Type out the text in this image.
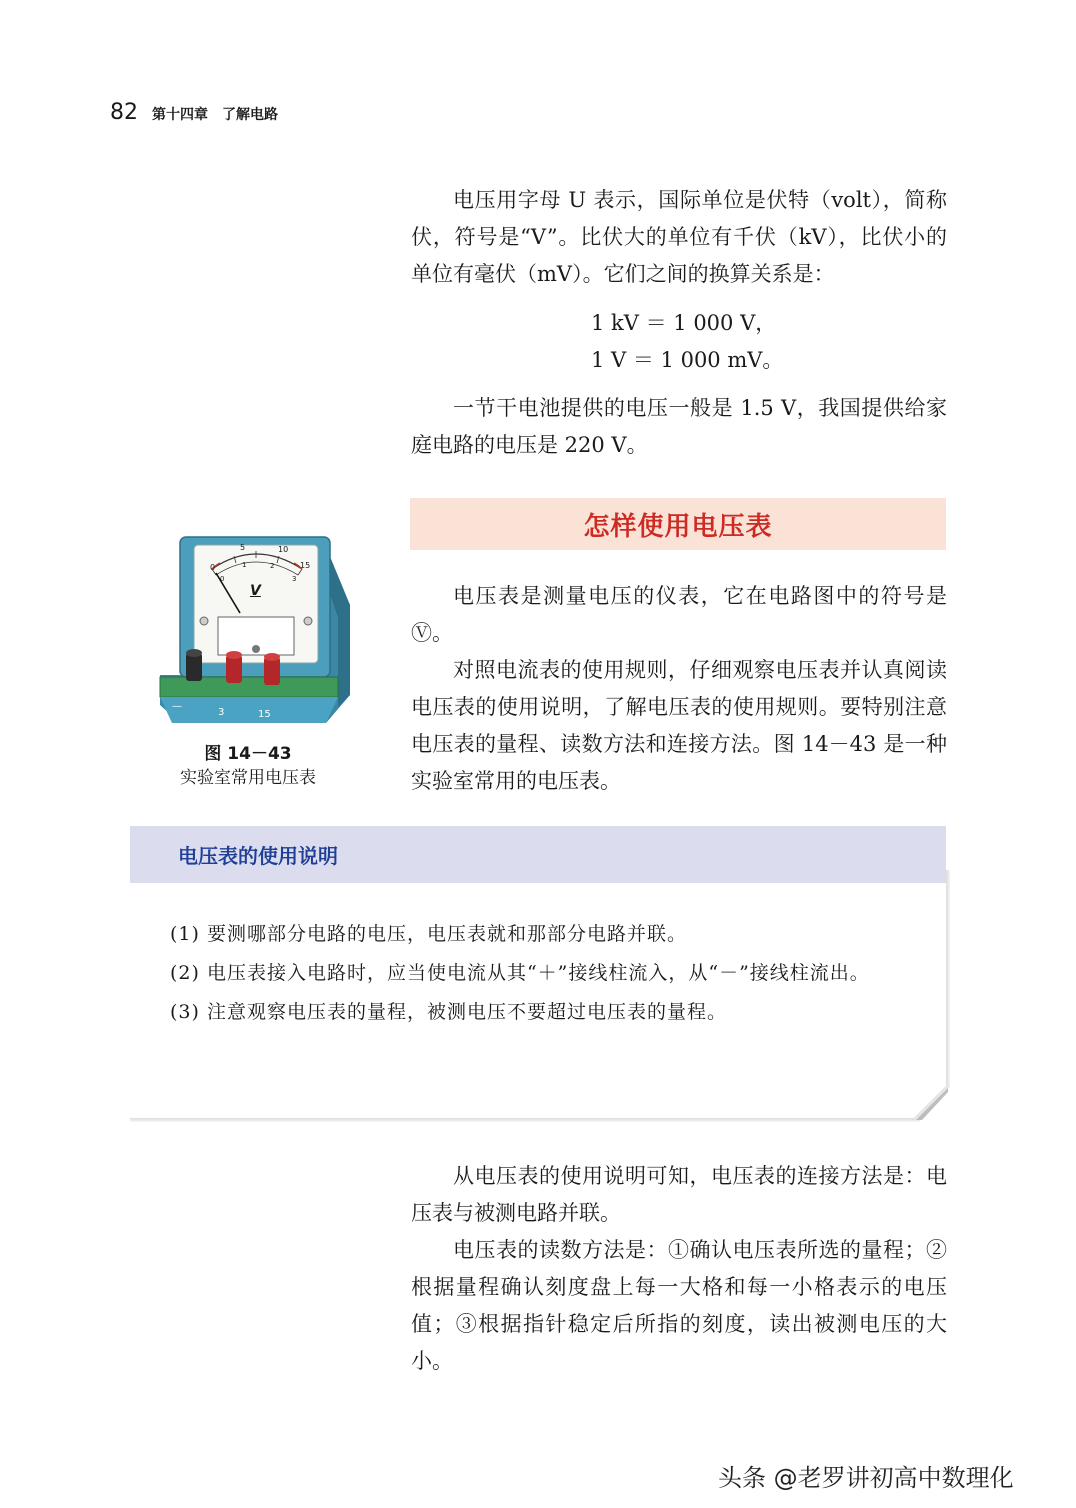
82 第十四章　了解电路

电压用字母 U 表示，国际单位是伏特（volt），简称伏，符号是“V”。比伏大的单位有千伏（kV），比伏小的单位有毫伏（mV）。它们之间的换算关系是：

1 kV ＝ 1 000 V，
1 V ＝ 1 000 mV。

一节干电池提供的电压一般是 1.5 V，我国提供给家庭电路的电压是 220 V。

怎样使用电压表
0
5	10
15
0
1	2
3
V
—
3	15
图 14－43
实验室常用电压表

电压表是测量电压的仪表，它在电路图中的符号是Ⓥ。

对照电流表的使用规则，仔细观察电压表并认真阅读电压表的使用说明，了解电压表的使用规则。要特别注意电压表的量程、读数方法和连接方法。图 14－43 是一种实验室常用的电压表。

电压表的使用说明
(1) 要测哪部分电路的电压，电压表就和那部分电路并联。
(2) 电压表接入电路时，应当使电流从其“＋”接线柱流入，从“－”接线柱流出。
(3) 注意观察电压表的量程，被测电压不要超过电压表的量程。

从电压表的使用说明可知，电压表的连接方法是：电压表与被测电路并联。

电压表的读数方法是：①确认电压表所选的量程；②根据量程确认刻度盘上每一大格和每一小格表示的电压值；③根据指针稳定后所指的刻度，读出被测电压的大小。

头条 @老罗讲初高中数理化
